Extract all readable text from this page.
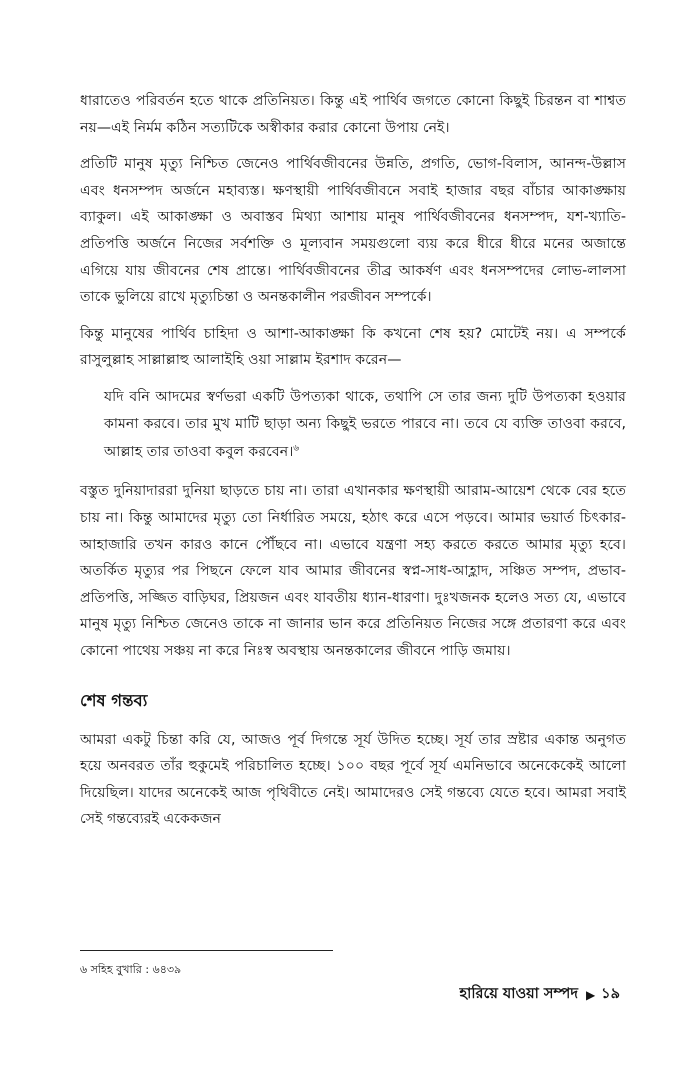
ধারাতেও পরিবর্তন হতে থাকে প্রতিনিয়ত। কিন্তু এই পার্থিব জগতে কোনো কিছুই চিরন্তন বা শাশ্বত নয়—এই নির্মম কঠিন সত্যটিকে অস্বীকার করার কোনো উপায় নেই।

প্রতিটি মানুষ মৃত্যু নিশ্চিত জেনেও পার্থিবজীবনের উন্নতি, প্রগতি, ভোগ-বিলাস, আনন্দ-উল্লাস এবং ধনসম্পদ অর্জনে মহাব্যস্ত। ক্ষণস্থায়ী পার্থিবজীবনে সবাই হাজার বছর বাঁচার আকাঙ্ক্ষায় ব্যাকুল। এই আকাঙ্ক্ষা ও অবাস্তব মিথ্যা আশায় মানুষ পার্থিবজীবনের ধনসম্পদ, যশ-খ্যাতি-প্রতিপত্তি অর্জনে নিজের সর্বশক্তি ও মূল্যবান সময়গুলো ব্যয় করে ধীরে ধীরে মনের অজান্তে এগিয়ে যায় জীবনের শেষ প্রান্তে। পার্থিবজীবনের তীব্র আকর্ষণ এবং ধনসম্পদের লোভ-লালসা তাকে ভুলিয়ে রাখে মৃত্যুচিন্তা ও অনন্তকালীন পরজীবন সম্পর্কে।

কিন্তু মানুষের পার্থিব চাহিদা ও আশা-আকাঙ্ক্ষা কি কখনো শেষ হয়? মোটেই নয়। এ সম্পর্কে রাসুলুল্লাহ সাল্লাল্লাহু আলাইহি ওয়া সাল্লাম ইরশাদ করেন—

যদি বনি আদমের স্বর্ণভরা একটি উপত্যকা থাকে, তথাপি সে তার জন্য দুটি উপত্যকা হওয়ার কামনা করবে। তার মুখ মাটি ছাড়া অন্য কিছুই ভরতে পারবে না। তবে যে ব্যক্তি তাওবা করবে, আল্লাহ তার তাওবা কবুল করবেন।$^৬$

বস্তুত দুনিয়াদাররা দুনিয়া ছাড়তে চায় না। তারা এখানকার ক্ষণস্থায়ী আরাম-আয়েশ থেকে বের হতে চায় না। কিন্তু আমাদের মৃত্যু তো নির্ধারিত সময়ে, হঠাৎ করে এসে পড়বে। আমার ভয়ার্ত চিৎকার-আহাজারি তখন কারও কানে পৌঁছবে না। এভাবে যন্ত্রণা সহ্য করতে করতে আমার মৃত্যু হবে। অতর্কিত মৃত্যুর পর পিছনে ফেলে যাব আমার জীবনের স্বপ্ন-সাধ-আহ্লাদ, সঞ্চিত সম্পদ, প্রভাব-প্রতিপত্তি, সজ্জিত বাড়িঘর, প্রিয়জন এবং যাবতীয় ধ্যান-ধারণা। দুঃখজনক হলেও সত্য যে, এভাবে মানুষ মৃত্যু নিশ্চিত জেনেও তাকে না জানার ভান করে প্রতিনিয়ত নিজের সঙ্গে প্রতারণা করে এবং কোনো পাথেয় সঞ্চয় না করে নিঃস্ব অবস্থায় অনন্তকালের জীবনে পাড়ি জমায়।

শেষ গন্তব্য

আমরা একটু চিন্তা করি যে, আজও পূর্ব দিগন্তে সূর্য উদিত হচ্ছে। সূর্য তার স্রষ্টার একান্ত অনুগত হয়ে অনবরত তাঁর হুকুমেই পরিচালিত হচ্ছে। ১০০ বছর পূর্বে সূর্য এমনিভাবে অনেকেকেই আলো দিয়েছিল। যাদের অনেকেই আজ পৃথিবীতে নেই। আমাদেরও সেই গন্তব্যে যেতে হবে। আমরা সবাই সেই গন্তব্যেরই একেকজন

৬ সহিহ বুখারি : ৬৪৩৯
হারিয়ে যাওয়া সম্পদ ▶ ১৯
